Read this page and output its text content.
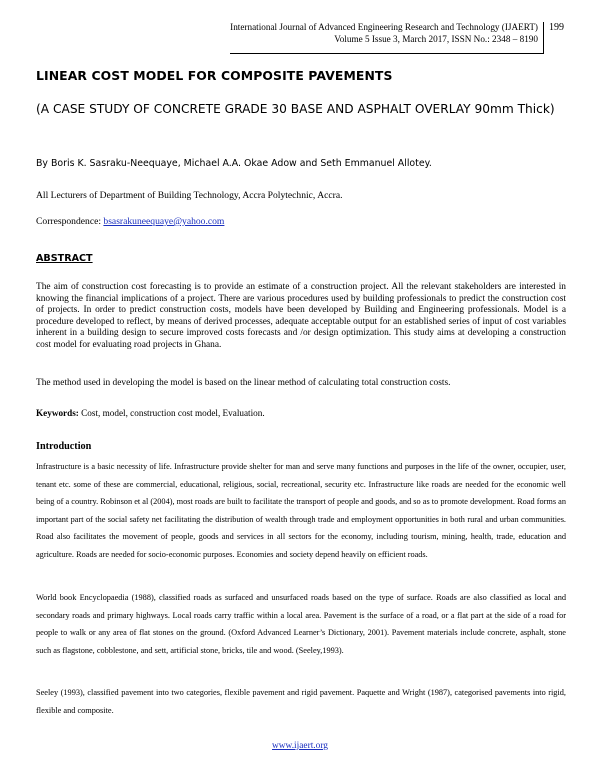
International Journal of Advanced Engineering Research and Technology (IJAERT)
Volume 5 Issue 3, March 2017, ISSN No.: 2348 – 8190
199
LINEAR COST MODEL FOR COMPOSITE PAVEMENTS

(A CASE STUDY OF CONCRETE GRADE 30 BASE AND ASPHALT OVERLAY 90mm Thick)

By Boris K. Sasraku-Neequaye, Michael A.A. Okae Adow and Seth Emmanuel Allotey.

All Lecturers of Department of Building Technology, Accra Polytechnic, Accra.

Correspondence: bsasrakuneequaye@yahoo.com

ABSTRACT

The aim of construction cost forecasting is to provide an estimate of a construction project. All the relevant stakeholders are interested in knowing the financial implications of a project. There are various procedures used by building professionals to predict the construction cost of projects. In order to predict construction costs, models have been developed by Building and Engineering professionals. Model is a procedure developed to reflect, by means of derived processes, adequate acceptable output for an established series of input of cost variables inherent in a building design to secure improved costs forecasts and /or design optimization. This study aims at developing a construction cost model for evaluating road projects in Ghana.

The method used in developing the model is based on the linear method of calculating total construction costs.

Keywords: Cost, model, construction cost model, Evaluation.

Introduction

Infrastructure is a basic necessity of life. Infrastructure provide shelter for man and serve many functions and purposes in the life of the owner, occupier, user, tenant etc. some of these are commercial, educational, religious, social, recreational, security etc. Infrastructure like roads are needed for the economic well being of a country. Robinson et al (2004), most roads are built to facilitate the transport of people and goods, and so as to promote development. Road forms an important part of the social safety net facilitating the distribution of wealth through trade and employment opportunities in both rural and urban communities. Road also facilitates the movement of people, goods and services in all sectors for the economy, including tourism, mining, health, trade, education and agriculture. Roads are needed for socio-economic purposes. Economies and society depend heavily on efficient roads.

World book Encyclopaedia (1988), classified roads as surfaced and unsurfaced roads based on the type of surface. Roads are also classified as local and secondary roads and primary highways. Local roads carry traffic within a local area. Pavement is the surface of a road, or a flat part at the side of a road for people to walk or any area of flat stones on the ground. (Oxford Advanced Learner’s Dictionary, 2001). Pavement materials include concrete, asphalt, stone such as flagstone, cobblestone, and sett, artificial stone, bricks, tile and wood. (Seeley,1993).

Seeley (1993), classified pavement into two categories, flexible pavement and rigid pavement. Paquette and Wright (1987), categorised pavements into rigid, flexible and composite.

www.ijaert.org
